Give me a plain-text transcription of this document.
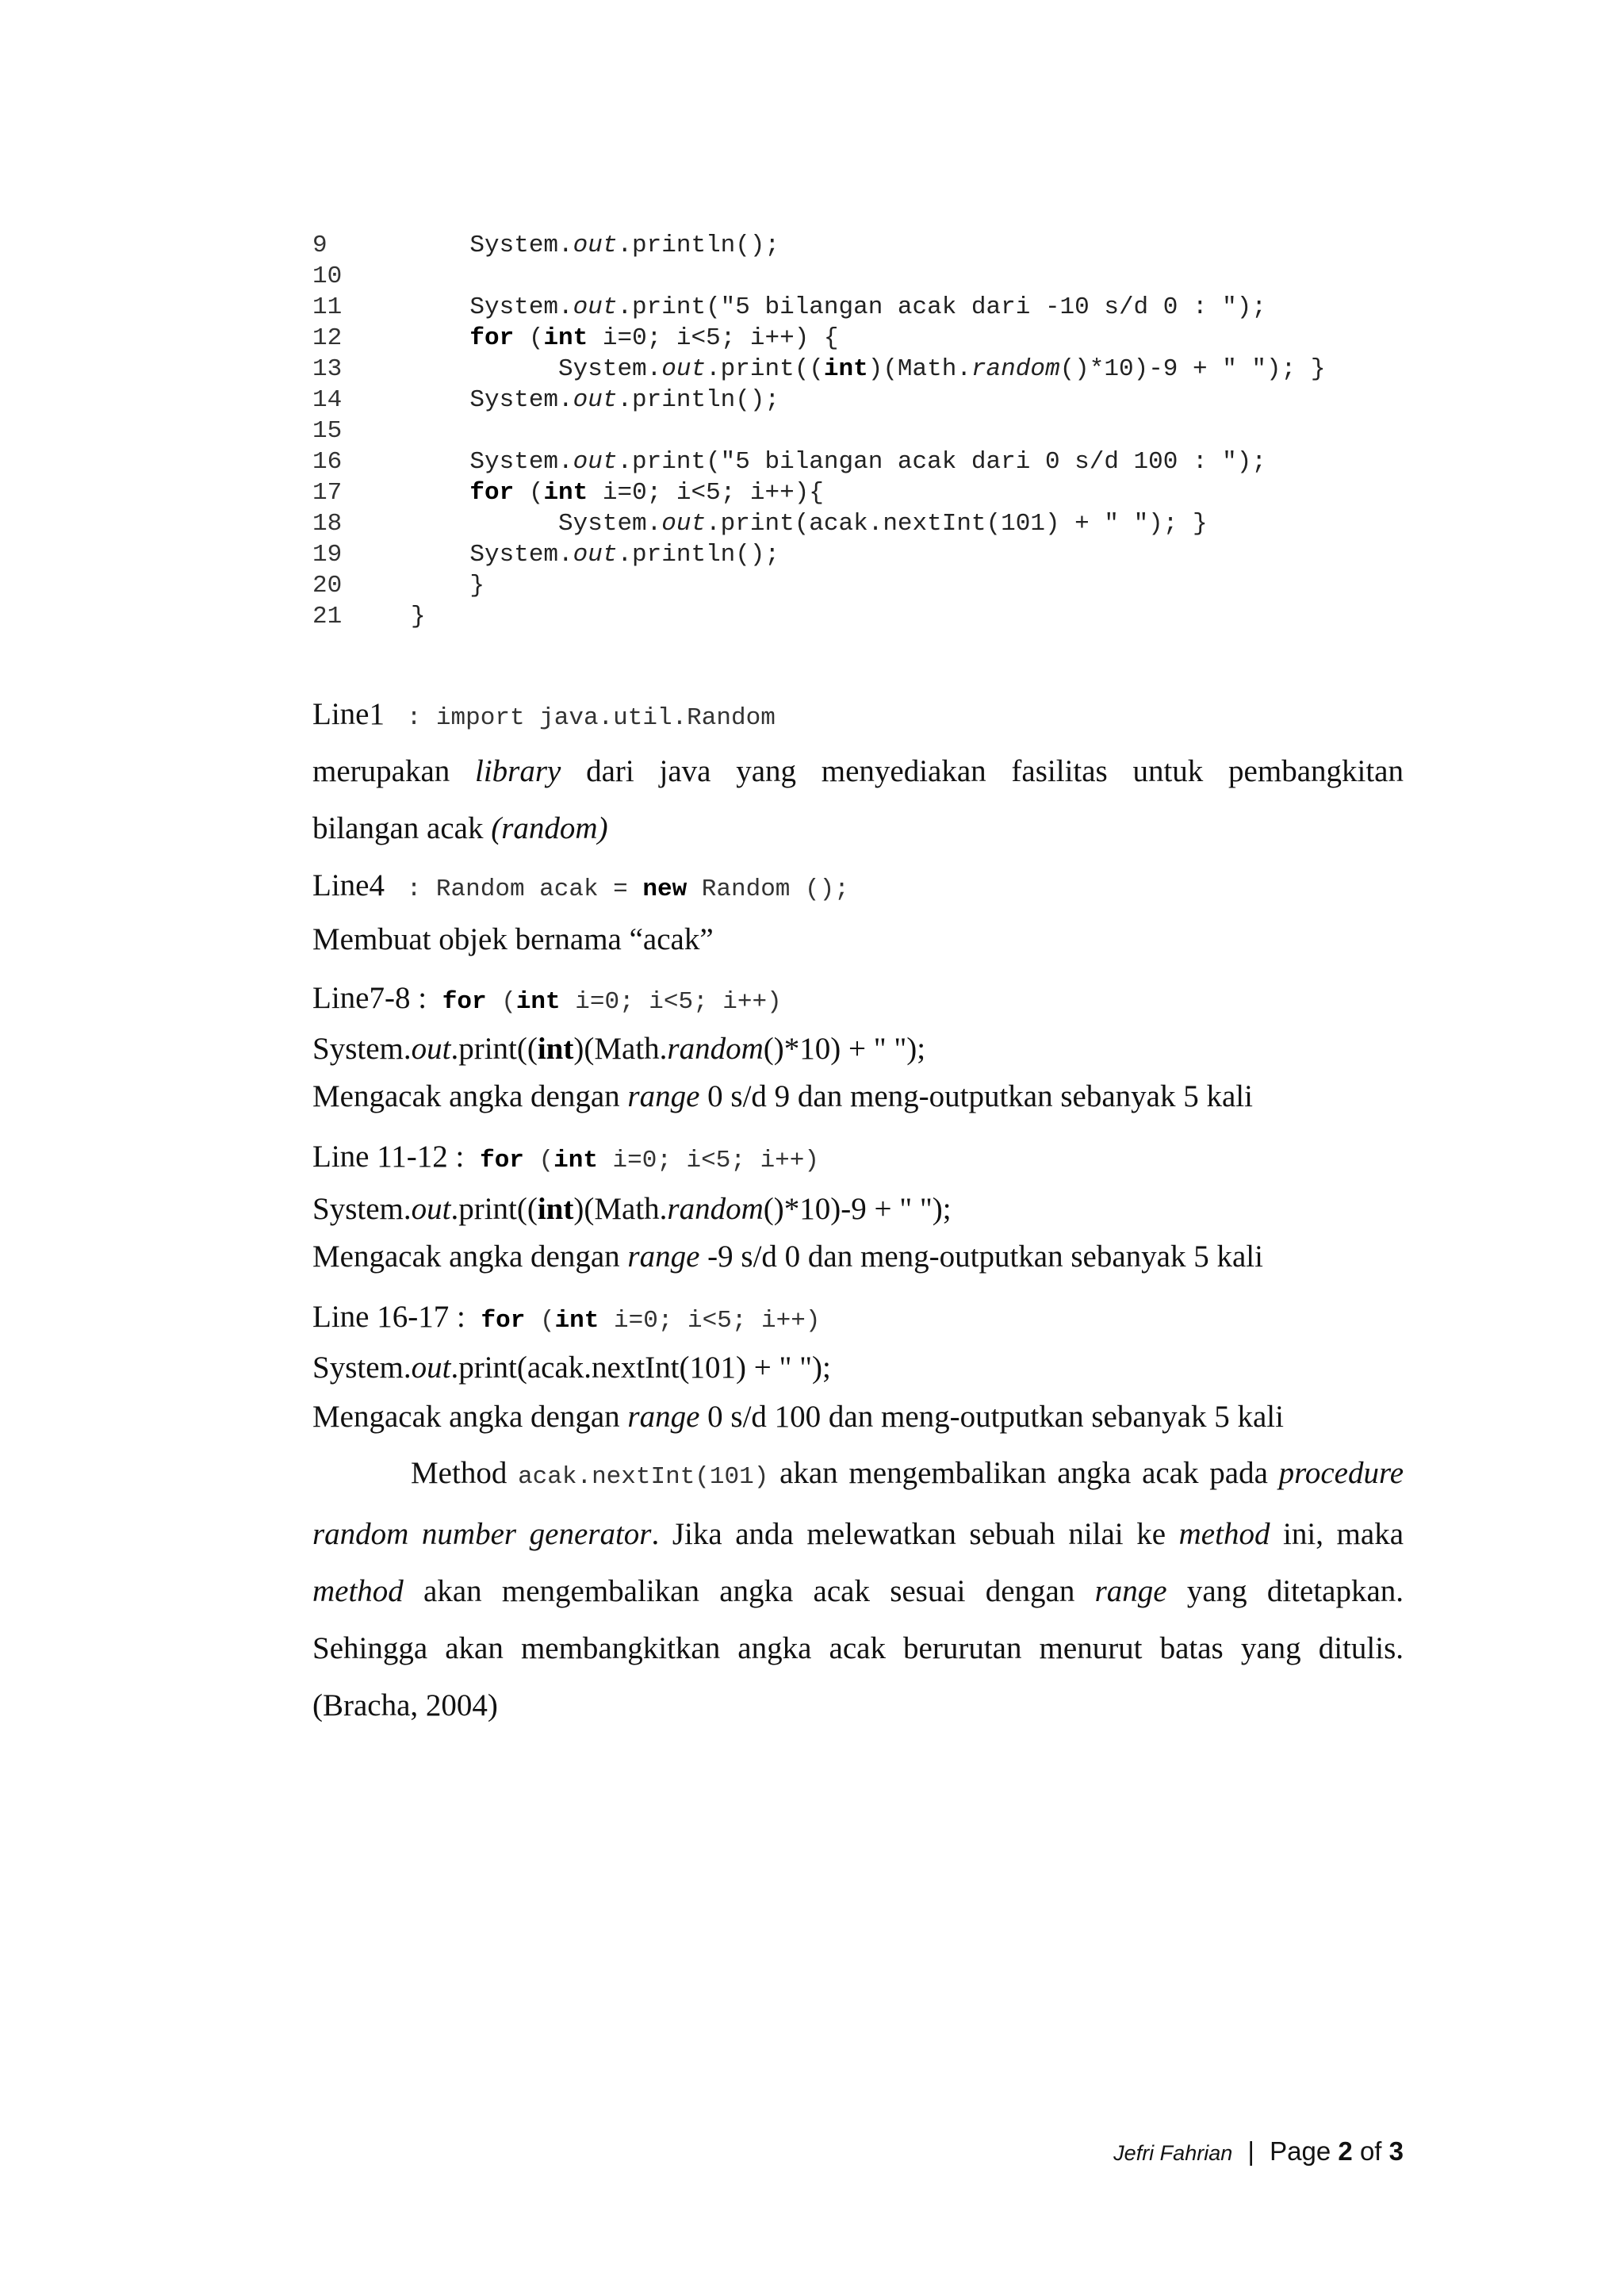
9	System.out.println();
10
11	System.out.print("5 bilangan acak dari -10 s/d 0 : ");
12	for (int i=0; i<5; i++) {
13	System.out.print((int)(Math.random()*10)-9 + " "); }
14	System.out.println();
15
16	System.out.print("5 bilangan acak dari 0 s/d 100 : ");
17	for (int i=0; i<5; i++){
18	System.out.print(acak.nextInt(101) + " "); }
19	System.out.println();
20	}
21	}
Line1 : import java.util.Random
merupakan library dari java yang menyediakan fasilitas untuk pembangkitan
bilangan acak (random)
Line4 : Random acak = new Random ();
Membuat objek bernama “acak”
Line7-8 : for (int i=0; i<5; i++)
System.out.print((int)(Math.random()*10) + " ");
Mengacak angka dengan range 0 s/d 9 dan meng-outputkan sebanyak 5 kali
Line 11-12 : for (int i=0; i<5; i++)
System.out.print((int)(Math.random()*10)-9 + " ");
Mengacak angka dengan range -9 s/d 0 dan meng-outputkan sebanyak 5 kali
Line 16-17 : for (int i=0; i<5; i++)
System.out.print(acak.nextInt(101) + " ");
Mengacak angka dengan range 0 s/d 100 dan meng-outputkan sebanyak 5 kali
Method acak.nextInt(101) akan mengembalikan angka acak pada procedure random number generator. Jika anda melewatkan sebuah nilai ke method ini, maka method akan mengembalikan angka acak sesuai dengan range yang ditetapkan. Sehingga akan membangkitkan angka acak berurutan menurut batas yang ditulis. (Bracha, 2004)
Jefri Fahrian | Page 2 of 3
